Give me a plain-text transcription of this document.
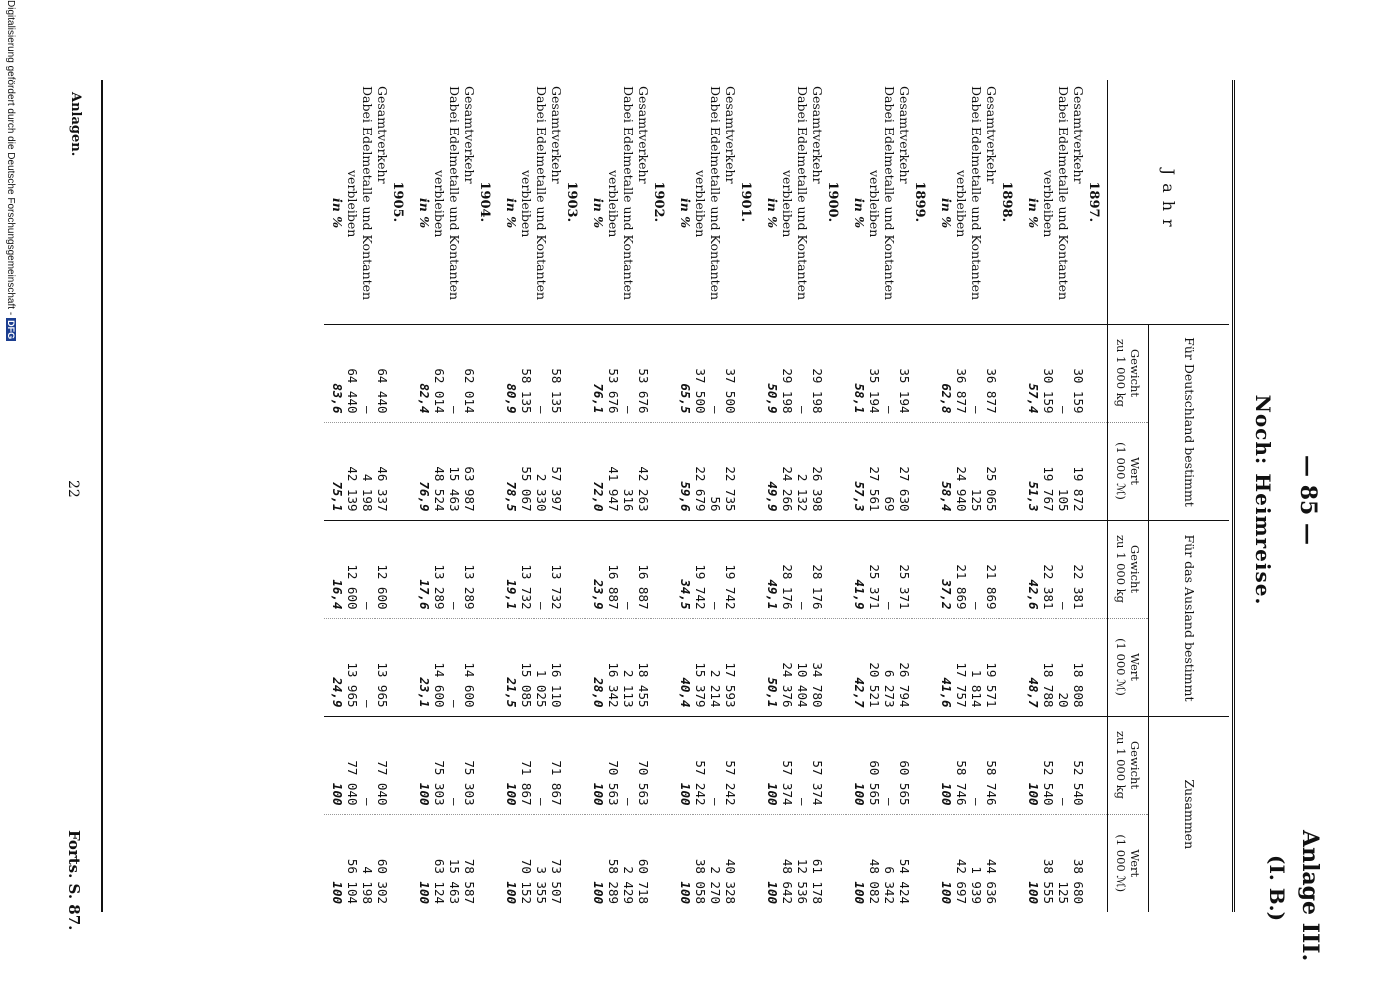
— 85 —
Noch: Heimreise.
Anlage III.
(I. B.)
Jahr	Für Deutschland bestimmt		Für das Ausland bestimmt		Zusammen	
	Gewicht
zu 1 000 kg	Wert
(1 000 ℳ)	Gewicht
zu 1 000 kg	Wert
(1 000 ℳ)	Gewicht
zu 1 000 kg	Wert
(1 000 ℳ)
1897.						
Gesamtverkehr	30 159	19 872	22 381	18 808	52 540	38 680
Dabei Edelmetalle und Kontanten	—	105	—	20	—	125
verbleiben	30 159	19 767	22 381	18 788	52 540	38 555
in %	57,4	51,3	42,6	48,7	100	100
1898.						
Gesamtverkehr	36 877	25 065	21 869	19 571	58 746	44 636
Dabei Edelmetalle und Kontanten	—	125	—	1 814	—	1 939
verbleiben	36 877	24 940	21 869	17 757	58 746	42 697
in %	62,8	58,4	37,2	41,6	100	100
1899.						
Gesamtverkehr	35 194	27 630	25 371	26 794	60 565	54 424
Dabei Edelmetalle und Kontanten	—	69	—	6 273	—	6 342
verbleiben	35 194	27 561	25 371	20 521	60 565	48 082
in %	58,1	57,3	41,9	42,7	100	100
1900.						
Gesamtverkehr	29 198	26 398	28 176	34 780	57 374	61 178
Dabei Edelmetalle und Kontanten	—	2 132	—	10 404	—	12 536
verbleiben	29 198	24 266	28 176	24 376	57 374	48 642
in %	50,9	49,9	49,1	50,1	100	100
1901.						
Gesamtverkehr	37 500	22 735	19 742	17 593	57 242	40 328
Dabei Edelmetalle und Kontanten	—	56	—	2 214	—	2 270
verbleiben	37 500	22 679	19 742	15 379	57 242	38 058
in %	65,5	59,6	34,5	40,4	100	100
1902.						
Gesamtverkehr	53 676	42 263	16 887	18 455	70 563	60 718
Dabei Edelmetalle und Kontanten	—	316	—	2 113	—	2 429
verbleiben	53 676	41 947	16 887	16 342	70 563	58 289
in %	76,1	72,0	23,9	28,0	100	100
1903.						
Gesamtverkehr	58 135	57 397	13 732	16 110	71 867	73 507
Dabei Edelmetalle und Kontanten	—	2 330	—	1 025	—	3 355
verbleiben	58 135	55 067	13 732	15 085	71 867	70 152
in %	80,9	78,5	19,1	21,5	100	100
1904.						
Gesamtverkehr	62 014	63 987	13 289	14 600	75 303	78 587
Dabei Edelmetalle und Kontanten	—	15 463	—	—	—	15 463
verbleiben	62 014	48 524	13 289	14 600	75 303	63 124
in %	82,4	76,9	17,6	23,1	100	100
1905.						
Gesamtverkehr	64 440	46 337	12 600	13 965	77 040	60 302
Dabei Edelmetalle und Kontanten	—	4 198	—	—	—	4 198
verbleiben	64 440	42 139	12 600	13 965	77 040	56 104
in %	83,6	75,1	16,4	24,9	100	100
Anlagen.
22
Forts. S. 87.
Digitalisierung gefördert durch die Deutsche Forschungsgemeinschaft -DFG
